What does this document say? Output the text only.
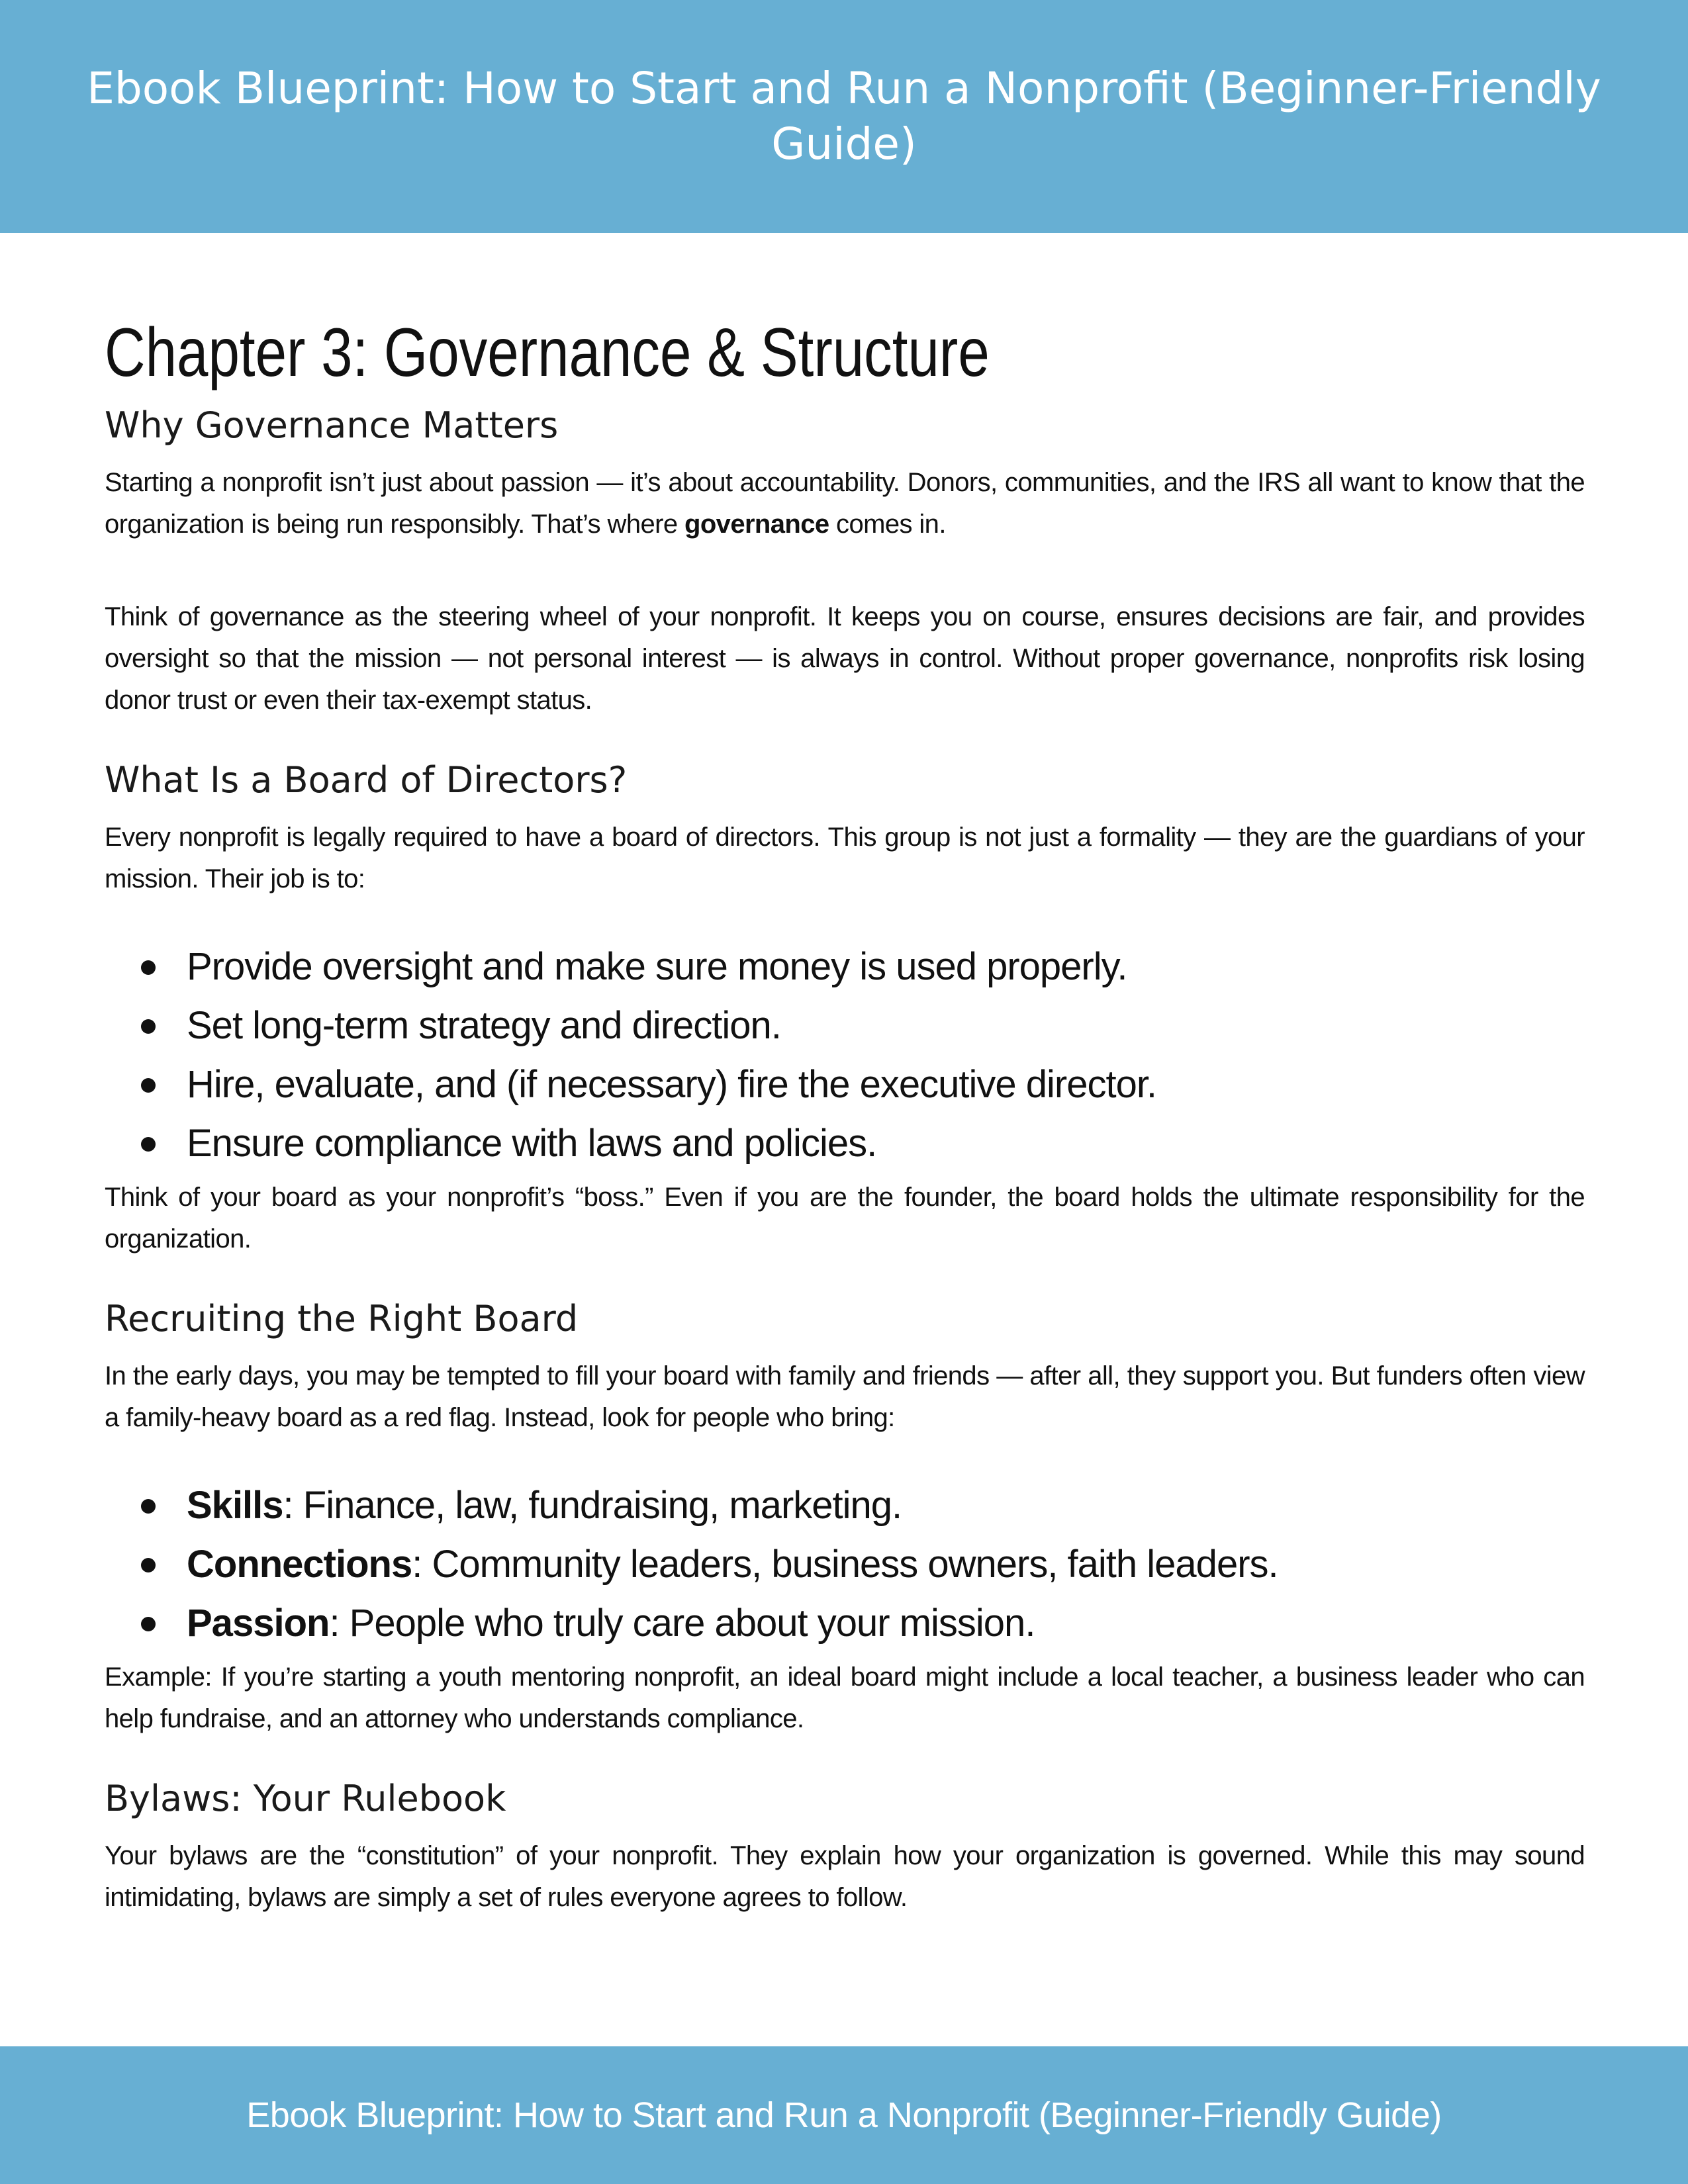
Ebook Blueprint: How to Start and Run a Nonprofit (Beginner-Friendly Guide)
Chapter 3: Governance & Structure
Why Governance Matters

Starting a nonprofit isn’t just about passion — it’s about accountability. Donors, communities, and the IRS all want to know that the organization is being run responsibly. That’s where governance comes in.

Think of governance as the steering wheel of your nonprofit. It keeps you on course, ensures decisions are fair, and provides oversight so that the mission — not personal interest — is always in control. Without proper governance, nonprofits risk losing donor trust or even their tax-exempt status.

What Is a Board of Directors?

Every nonprofit is legally required to have a board of directors. This group is not just a formality — they are the guardians of your mission. Their job is to:

Provide oversight and make sure money is used properly.
Set long-term strategy and direction.
Hire, evaluate, and (if necessary) fire the executive director.
Ensure compliance with laws and policies.

Think of your board as your nonprofit’s “boss.” Even if you are the founder, the board holds the ultimate responsibility for the organization.

Recruiting the Right Board

In the early days, you may be tempted to fill your board with family and friends — after all, they support you. But funders often view a family-heavy board as a red flag. Instead, look for people who bring:

Skills: Finance, law, fundraising, marketing.
Connections: Community leaders, business owners, faith leaders.
Passion: People who truly care about your mission.

Example: If you’re starting a youth mentoring nonprofit, an ideal board might include a local teacher, a business leader who can help fundraise, and an attorney who understands compliance.

Bylaws: Your Rulebook

Your bylaws are the “constitution” of your nonprofit. They explain how your organization is governed. While this may sound intimidating, bylaws are simply a set of rules everyone agrees to follow.

Ebook Blueprint: How to Start and Run a Nonprofit (Beginner-Friendly Guide)
